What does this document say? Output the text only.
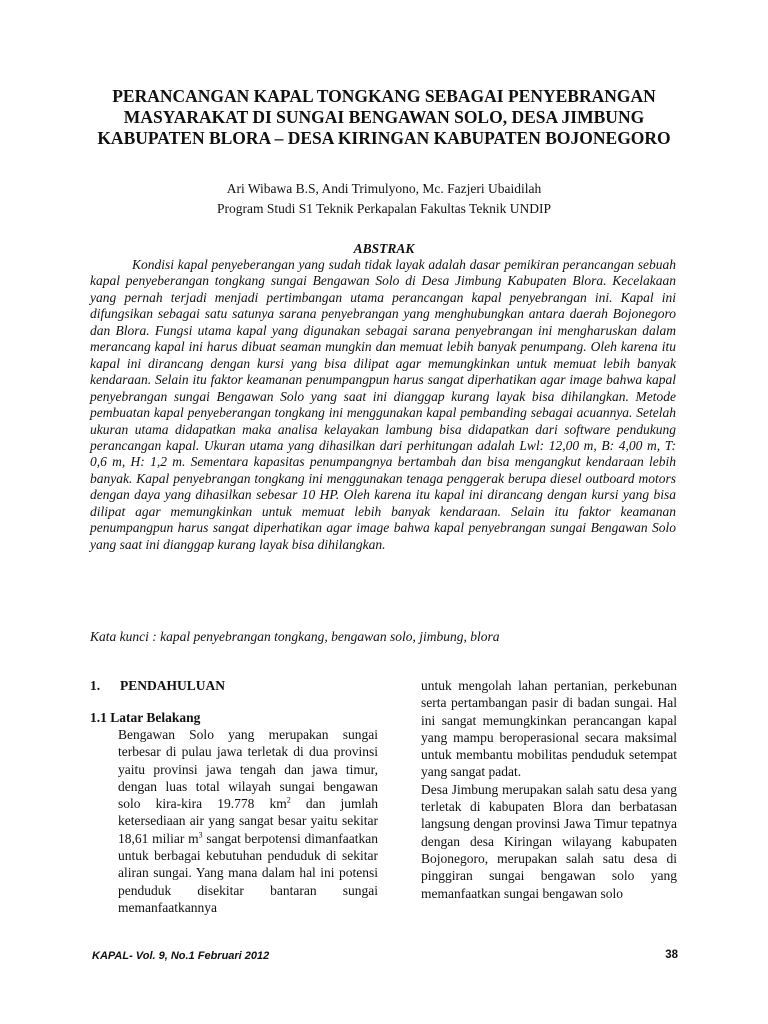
PERANCANGAN KAPAL TONGKANG SEBAGAI PENYEBRANGAN MASYARAKAT DI SUNGAI BENGAWAN SOLO, DESA JIMBUNG KABUPATEN BLORA – DESA KIRINGAN KABUPATEN BOJONEGORO

Ari Wibawa B.S, Andi Trimulyono, Mc. Fazjeri Ubaidilah

Program Studi S1 Teknik Perkapalan Fakultas Teknik UNDIP

ABSTRAK

Kondisi kapal penyeberangan yang sudah tidak layak adalah dasar pemikiran perancangan sebuah kapal penyeberangan tongkang sungai Bengawan Solo di Desa Jimbung Kabupaten Blora. Kecelakaan yang pernah terjadi menjadi pertimbangan utama perancangan kapal penyebrangan ini. Kapal ini difungsikan sebagai satu satunya sarana penyebrangan yang menghubungkan antara daerah Bojonegoro dan Blora. Fungsi utama kapal yang digunakan sebagai sarana penyebrangan ini mengharuskan dalam merancang kapal ini harus dibuat seaman mungkin dan memuat lebih banyak penumpang. Oleh karena itu kapal ini dirancang dengan kursi yang bisa dilipat agar memungkinkan untuk memuat lebih banyak kendaraan. Selain itu faktor keamanan penumpangpun harus sangat diperhatikan agar image bahwa kapal penyebrangan sungai Bengawan Solo yang saat ini dianggap kurang layak bisa dihilangkan. Metode pembuatan kapal penyeberangan tongkang ini menggunakan kapal pembanding sebagai acuannya. Setelah ukuran utama didapatkan maka analisa kelayakan lambung bisa didapatkan dari software pendukung perancangan kapal. Ukuran utama yang dihasilkan dari perhitungan adalah Lwl: 12,00 m, B: 4,00 m, T: 0,6 m, H: 1,2 m. Sementara kapasitas penumpangnya bertambah dan bisa mengangkut kendaraan lebih banyak. Kapal penyebrangan tongkang ini menggunakan tenaga penggerak berupa diesel outboard motors dengan daya yang dihasilkan sebesar 10 HP. Oleh karena itu kapal ini dirancang dengan kursi yang bisa dilipat agar memungkinkan untuk memuat lebih banyak kendaraan. Selain itu faktor keamanan penumpangpun harus sangat diperhatikan agar image bahwa kapal penyebrangan sungai Bengawan Solo yang saat ini dianggap kurang layak bisa dihilangkan.

Kata kunci : kapal penyebrangan tongkang, bengawan solo, jimbung, blora

1. PENDAHULUAN

1.1 Latar Belakang

Bengawan Solo yang merupakan sungai terbesar di pulau jawa terletak di dua provinsi yaitu provinsi jawa tengah dan jawa timur, dengan luas total wilayah sungai bengawan solo kira-kira 19.778 $km^2$ dan jumlah ketersediaan air yang sangat besar yaitu sekitar 18,61 miliar $m^3$ sangat berpotensi dimanfaatkan untuk berbagai kebutuhan penduduk di sekitar aliran sungai. Yang mana dalam hal ini potensi penduduk disekitar bantaran sungai memanfaatkannya

untuk mengolah lahan pertanian, perkebunan serta pertambangan pasir di badan sungai. Hal ini sangat memungkinkan perancangan kapal yang mampu beroperasional secara maksimal untuk membantu mobilitas penduduk setempat yang sangat padat.

Desa Jimbung merupakan salah satu desa yang terletak di kabupaten Blora dan berbatasan langsung dengan provinsi Jawa Timur tepatnya dengan desa Kiringan wilayang kabupaten Bojonegoro, merupakan salah satu desa di pinggiran sungai bengawan solo yang memanfaatkan sungai bengawan solo

KAPAL- Vol. 9, No.1 Februari 2012	38
